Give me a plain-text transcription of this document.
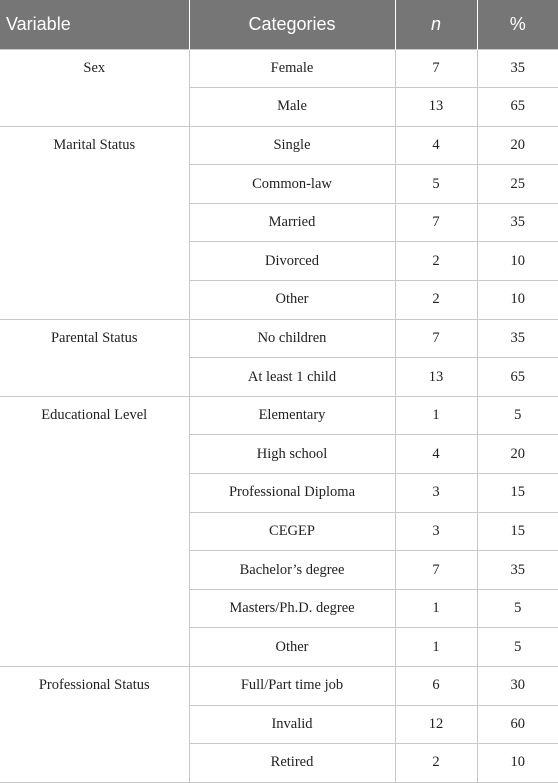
Variable	Categories	n	%
Sex	Female	7	35
	Male	13	65
Marital Status	Single	4	20
	Common-law	5	25
	Married	7	35
	Divorced	2	10
	Other	2	10
Parental Status	No children	7	35
	At least 1 child	13	65
Educational Level	Elementary	1	5
	High school	4	20
	Professional Diploma	3	15
	CEGEP	3	15
	Bachelor’s degree	7	35
	Masters/Ph.D. degree	1	5
	Other	1	5
Professional Status	Full/Part time job	6	30
	Invalid	12	60
	Retired	2	10
